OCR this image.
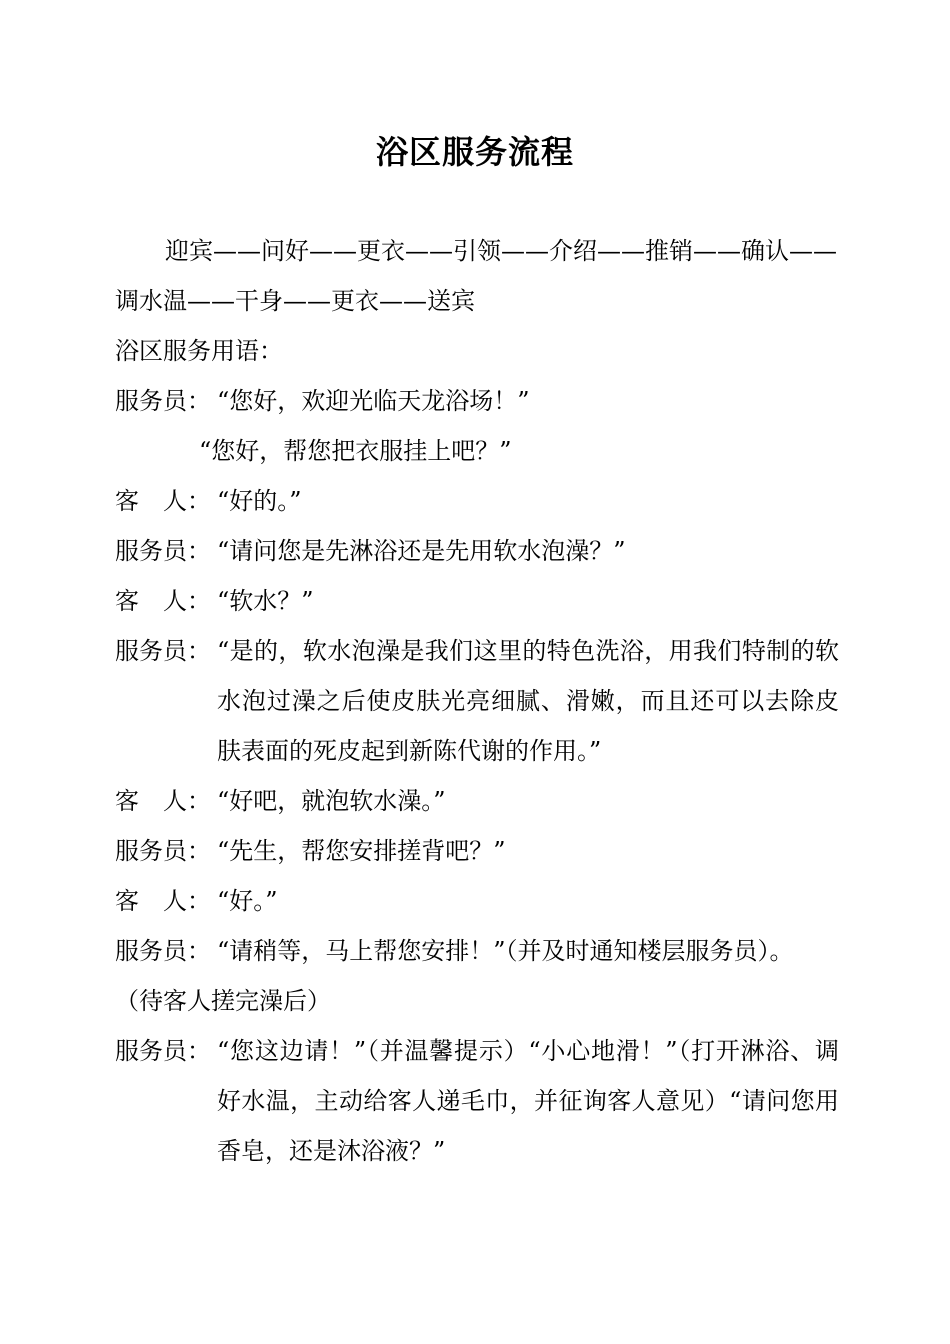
浴区服务流程

迎宾——问好——更衣——引领——介绍——推销——确认——调水温——干身——更衣——送宾

浴区服务用语：

服务员： “您好，欢迎光临天龙浴场！”

“您好，帮您把衣服挂上吧？”

客　人： “好的。”
服务员： “请问您是先淋浴还是先用软水泡澡？”
客　人： “软水？”
服务员： “是的，软水泡澡是我们这里的特色洗浴，用我们特制的软水泡过澡之后使皮肤光亮细腻、滑嫩，而且还可以去除皮肤表面的死皮起到新陈代谢的作用。”
客　人： “好吧，就泡软水澡。”
服务员： “先生，帮您安排搓背吧？”
客　人： “好。”
服务员： “请稍等，马上帮您安排！”（并及时通知楼层服务员）。

（待客人搓完澡后）

服务员： “您这边请！”（并温馨提示）“小心地滑！”（打开淋浴、调好水温，主动给客人递毛巾，并征询客人意见）“请问您用香皂，还是沐浴液？”
